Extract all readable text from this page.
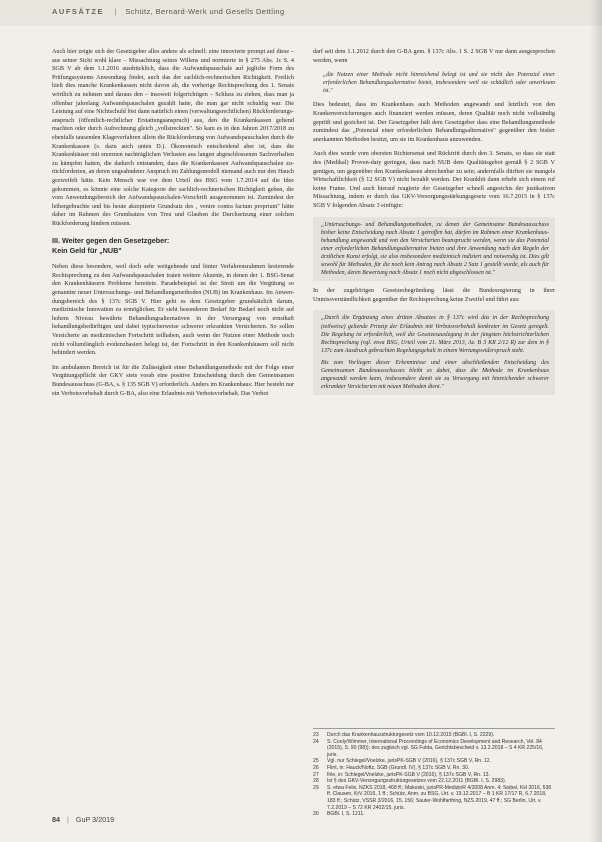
AUFSÄTZE | Schütz, Bernard-Werk und Gesells Dettling

Auch hier zeigte sich der Gesetzgeber alles andere als schnell: eine innovierte prompt auf diese – aus seiner Sicht wohl klare – Missachtung seines Willens und normierte in § 275 Abs. 1c S. 4 SGB V ab dem 1.1.2016 ausdrücklich, dass die Aufwandspauschale auf jegliche Form des Prüfungssystems Anwendung findet, auch das der sachlich-rechnerischen Richtigkeit. Freilich hielt dies manche Krankenkassen nicht davon ab, die vorherige Rechtsprechung des 1. Senats wörtlich zu nehmen und daraus den – insoweit folgerichtigen – Schluss zu ziehen, dass man ja offenbar jahrelang Aufwandspauschalen gezahlt hatte, die man gar nicht schuldig war. Die Leistung auf eine Nichtschuld löst dann natürlich einen (verwaltungsrechtlichen) Rückforderungsanspruch (öffentlich-rechtlicher Erstattungsanspruch) aus, den die Krankenkassen geltend machten oder durch Aufrechnung gleich „vollstreckten". So kam es in den Jahren 2017/2018 zu ebenfalls tausenden Klageverfahren allein die Rückforderung von Aufwandspauschalen durch die Krankenkassen (s. dazu auch unten D.). Ökonomisch entscheidend aber ist, dass die Krankenhäuser mit enormen nachträglichen Verlusten aus langen abgeschlossenen Sachverhalten zu kämpfen hatten, die dadurch entstanden, dass die Krankenkassen Aufwandspauschalen zurückforderten, an deren ungeahndeter Anspruch im Zahlungsmodell niemand auch nur den Hauch gezweifelt hätte. Kein Mensch war vor dem Urteil des BSG vom 1.7.2014 auf die Idee gekommen, es könnte eine solche Kategorie der sachlich-rechnerischen Richtigkeit geben, die vom Anwendungsbereich der Aufwandspauschalen-Vorschrift ausgenommen ist. Zumindest der höhergebrachte und bis heute akzeptierte Grundsatz des ‚ venire contra factum proprium" hätte daher im Rahmen des Grundsatzes von Treu und Glauben die Durchsetzung einer solchen Rückforderung hindern müssen.

III. Weiter gegen den Gesetzgeber:
Kein Geld für „NUB"

Neben diese besondere, weil doch sehr weitgehende und hinter Verfahrensrahmen kreierende Rechtsprechung zu den Aufwandspauschalen traten weitere Akzente, in denen der 1. BSG-Senat den Krankenhäusern Probleme bereitete. Paradebeispiel ist der Streit um die Vergütung so genannter neuer Untersuchungs- und Behandlungsmethoden (NUB) im Krankenhaus. Im Anwendungsbereich des § 137c SGB V. Hier geht es dem Gesetzgeber grundsätzlich darum, medizinische Innovation zu ermöglichen. Er sieht besonderen Bedarf für Bedarf noch nicht auf hohem Niveau bewährte Behandlungsalternativen in der Versorgung von ernsthaft behandlungsbedürftigen und dabei typischerweise schwerer erkrankten Versicherten. So sollen Versicherte an medizinischen Fortschritt teilhaben, auch wenn der Nutzen einer Methode noch nicht vollumfänglich evidenzbasiert belegt ist, der Fortschritt in den Krankenhäusern soll nicht behindert werden.

Im ambulanten Bereich ist für die Zulässigkeit einer Behandlungsmethode mit der Folge einer Vergütungspflicht der GKV stets vorab eine positive Entscheidung durch den Gemeinsamen Bundesausschuss (G-BA, s. § 135 SGB V) erforderlich. Anders im Krankenhaus: Hier besteht nur ein Verbotsvorbehalt durch G-BA, also eine Erlaubnis mit Verbotsvorbehalt. Das Verbot

darf seit dem 1.1.2012 durch den G-BA gem. § 137c Abs. 1 S. 2 SGB V nur dann ausgesprochen werden, wenn

„die Nutzen einer Methode nicht hinreichend belegt ist und sie nicht das Potenzial einer erforderlichen Behandlungsalternative bietet, insbesondere weil sie schädlich oder unwirksam ist."

Dies bedeutet, dass im Krankenhaus auch Methoden angewandt und letztlich von den Krankenversicherungen auch finanziert werden müssen, deren Qualität noch nicht vollständig geprüft und gesichert ist. Der Gesetzgeber hält dem Gesetzgeber dass eine Behandlungsmethode zumindest das „Potenzial einer erforderlichen Behandlungsalternative" gegenüber den bisher anerkannten Methoden besitzt, um sie im Krankenhaus anzuwenden.

Auch dies wurde vom obersten Richtersenat und Rücktritt durch den 3. Senats, so dass sie statt des (Medikal) Proven-daty geringen, dass nach NUB dem Qualitätsgebot gemäß § 2 SGB V genügen, um gegenüber den Krankenkassen abrechenbar zu sein; andernfalls dürften sie mangels Wirtschaftlichkeit (§ 12 SGB V) nicht bezahlt werden. Der Krankhit dann erhebt sich einem ruf keine Frame. Und auch hierauf reagierte der Gesetzgeber schnell angesichts der justikativen Missachtung, indem er durch das GKV-Versorgungsstärkungsgesetz vom 16.7.2015 in § 137c SGB V folgenden Absatz 3 einfügte:

„Untersuchungs- und Behandlungsmethoden, zu denen der Gemeinsame Bundesausschuss bisher keine Entscheidung nach Absatz 1 getroffen hat, dürfen im Rahmen einer Krankenhausbehandlung angewandt und von den Versicherten beansprucht werden, wenn sie das Potenzial einer erforderlichen Behandlungsalternative bieten und ihre Anwendung nach den Regeln der ärztlichen Kunst erfolgt, sie also insbesondere medizinisch indiziert und notwendig ist. Dies gilt sowohl für Methoden, für die noch kein Antrag nach Absatz 2 Satz 1 gestellt wurde, als auch für Methoden, deren Bewertung nach Absatz 1 noch nicht abgeschlossen ist."

In der zugehörigen Gesetzesbegründung lässt die Bundesregierung in ihrer Unmissverständlichkeit gegenüber der Rechtsprechung keine Zweifel und führt aus:

„Durch die Ergänzung eines dritten Absatzes in § 137c wird das in der Rechtsprechung (teilweise) geltende Prinzip der Erlaubnis mit Verbotsvorbehalt konkreter im Gesetz geregelt. Die Regelung ist erforderlich, weil die Gesetzesauslegung in der jüngsten höchstrichterlichen Rechtsprechung (vgl. etwa BSG, Urteil vom 21. März 2013, Az. B 3 KR 2/12 R) zur dem in § 137c zum Ausdruck gebrachten Regelungsgehalt in einem Wertungswiderspruch steht.
Bis zum Vorliegen dieser Erkenntnisse und einer abschließenden Entscheidung des Gemeinsamen Bundesausschusses bleibt es dabei, dass die Methode im Krankenhaus angewandt werden kann, insbesondere damit sie zu Versorgung mit hinreichender schwerer erkrankter Versicherten mit neuen Methoden dient."
23	Durch das Krankenhausstrukturgesetz vom 10.12.2015 (BGBl. I, S. 2229).
24	S. Cooly/Wimmer, International Proceedings of Economics Development and Research, Vol. 84 (2015), S. 90 (98)); des zugleich vgl. SG Fulda, Gerichtsbescheid v. 13.2.2018 – S 4 KR 225/16, juris.
25	Vgl. nur Schlegel/Voelzke, jurisPK-SGB V (2016), § 137c SGB V, Rn. 12.
26	Flint, in: Hauck/Noftz, SGB (Grundl. IV), § 137c SGB V, Rn. 30.
27	Ihle, in: Schlegel/Voelzke, jurisPK-SGB V (2016), § 137c SGB V, Rn. 13.
28	Ist § des GKV-Versorgungsstrukturgesetzes vom 22.12.2011 (BGBl. I, S. 2983).
29	S. etwa Felix, NZKS 2018, 468 ff.; Makoski, jurisPR-MedizinR 4/2008 Anm. 4; Seibel, KH 2016, 538 ff. Clausen, KrV 2016, 1 ff.; Schütz, Anm. zu BSG, Urt. v. 19.12.2017 – B 1 KR 17/17 R, 6.7.2018, 183 ff.; Schütz, VSSR 3/2016, 15, 156; Sauter-Wohlfarthing, NZS 2019, 47 ff.; SG Berlin, Urt. v. 7.2.2019 – S 72 KR 2402/15, juris.
30	BGBl. I, S. 1211.
84 | GuP 3/2019
